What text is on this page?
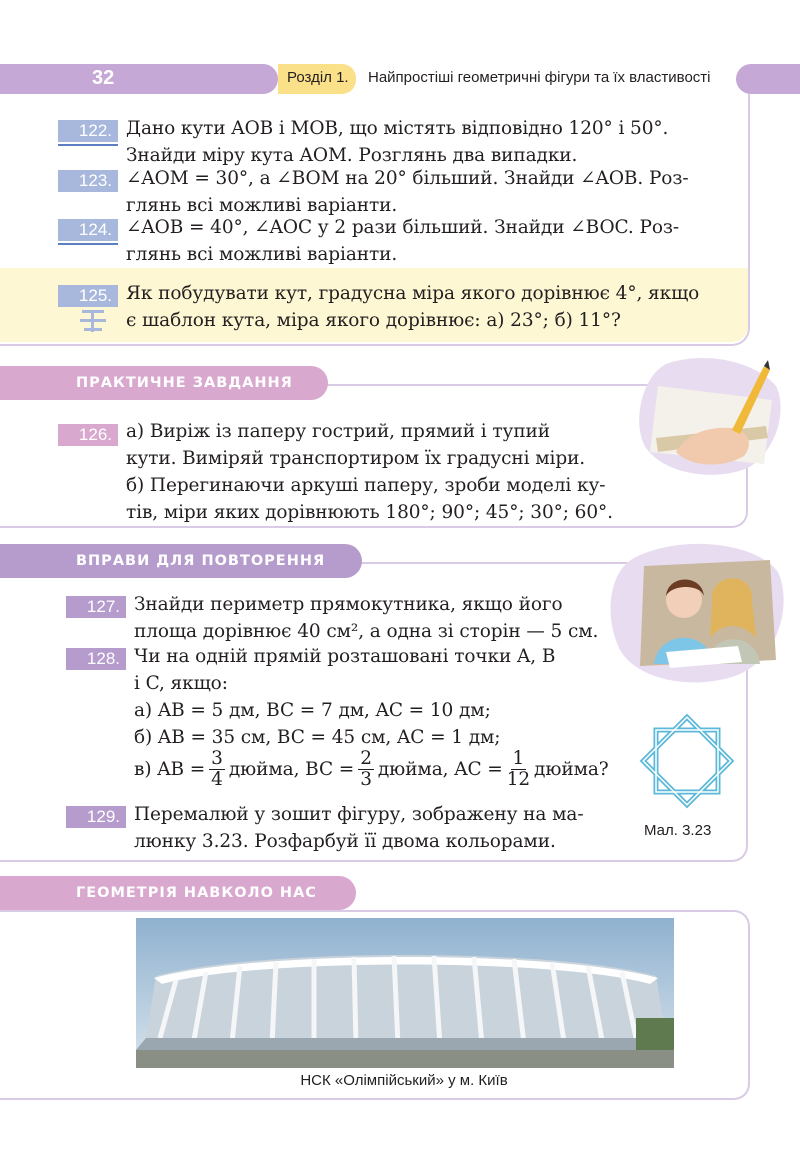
32	Розділ 1.	Найпростіші геометричні фігури та їх властивості
122. Дано кути AOB і MOB, що містять відповідно 120° і 50°.
Знайди міру кута AOM. Розглянь два випадки.
123. ∠AOM = 30°, а ∠BOM на 20° більший. Знайди ∠AOB. Роз-
глянь всі можливі варіанти.
124. ∠AOB = 40°, ∠AOC у 2 рази більший. Знайди ∠BOC. Роз-
глянь всі можливі варіанти.
125. Як побудувати кут, градусна міра якого дорівнює 4°, якщо
є шаблон кута, міра якого дорівнює: а) 23°; б) 11°?
ПРАКТИЧНЕ ЗАВДАННЯ
126. а) Виріж із паперу гострий, прямий і тупий
кути. Виміряй транспортиром їх градусні міри.
б) Перегинаючи аркуші паперу, зроби моделі ку-
тів, міри яких дорівнюють 180°; 90°; 45°; 30°; 60°.
ВПРАВИ ДЛЯ ПОВТОРЕННЯ
127. Знайди периметр прямокутника, якщо його
площа дорівнює 40 см², а одна зі сторін — 5 см.
128. Чи на одній прямій розташовані точки A, B
і C, якщо:
а) AB = 5 дм, BC = 7 дм, AC = 10 дм;
б) AB = 35 см, BC = 45 см, AC = 1 дм;
в) AB = $\frac{3}{4}$ дюйма, BC = $\frac{2}{3}$ дюйма, AC = $\frac{1}{12}$ дюйма?
129. Перемалюй у зошит фігуру, зображену на ма-
люнку 3.23. Розфарбуй її двома кольорами.
Мал. 3.23
ГЕОМЕТРІЯ НАВКОЛО НАС
НСК «Олімпійський» у м. Київ
